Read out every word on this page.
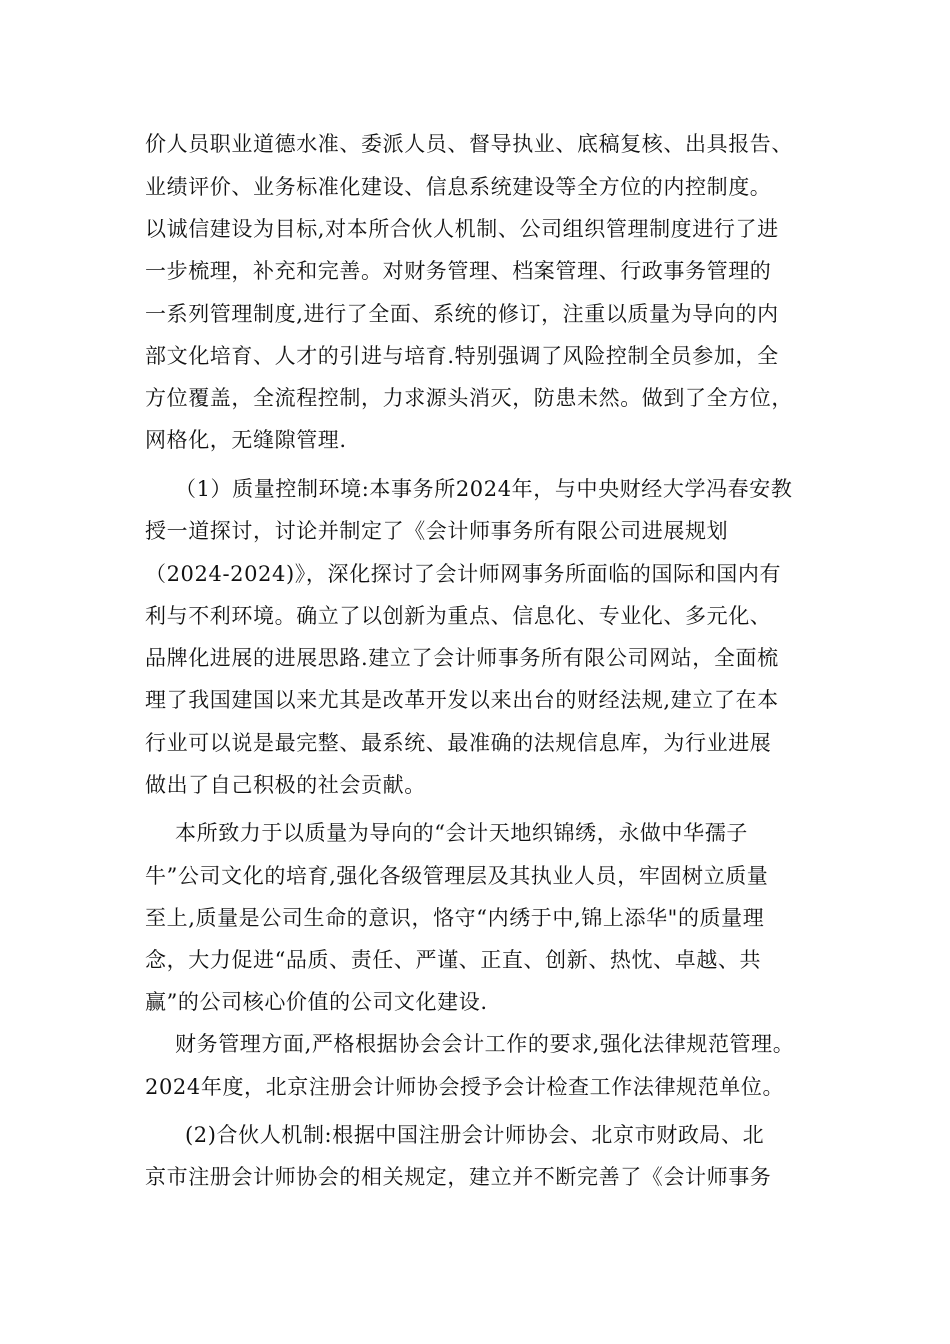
价人员职业道德水准、委派人员、督导执业、底稿复核、出具报告、
业绩评价、业务标准化建设、信息系统建设等全方位的内控制度。
以诚信建设为目标,对本所合伙人机制、公司组织管理制度进行了进
一步梳理，补充和完善。对财务管理、档案管理、行政事务管理的
一系列管理制度,进行了全面、系统的修订，注重以质量为导向的内
部文化培育、人才的引进与培育.特别强调了风险控制全员参加，全
方位覆盖，全流程控制，力求源头消灭，防患未然。做到了全方位，
网格化，无缝隙管理.
（1）质量控制环境:本事务所2024年，与中央财经大学冯春安教
授一道探讨，讨论并制定了《会计师事务所有限公司进展规划
（2024-2024)》，深化探讨了会计师网事务所面临的国际和国内有
利与不利环境。确立了以创新为重点、信息化、专业化、多元化、
品牌化进展的进展思路.建立了会计师事务所有限公司网站，全面梳
理了我国建国以来尤其是改革开发以来出台的财经法规,建立了在本
行业可以说是最完整、最系统、最准确的法规信息库，为行业进展
做出了自己积极的社会贡献。
本所致力于以质量为导向的“会计天地织锦绣，永做中华孺子
牛”公司文化的培育,强化各级管理层及其执业人员，牢固树立质量
至上,质量是公司生命的意识，恪守“内绣于中,锦上添华"的质量理
念，大力促进“品质、责任、严谨、正直、创新、热忱、卓越、共
赢”的公司核心价值的公司文化建设.
财务管理方面,严格根据协会会计工作的要求,强化法律规范管理。
2024年度，北京注册会计师协会授予会计检查工作法律规范单位。
(2)合伙人机制:根据中国注册会计师协会、北京市财政局、北
京市注册会计师协会的相关规定，建立并不断完善了《会计师事务
